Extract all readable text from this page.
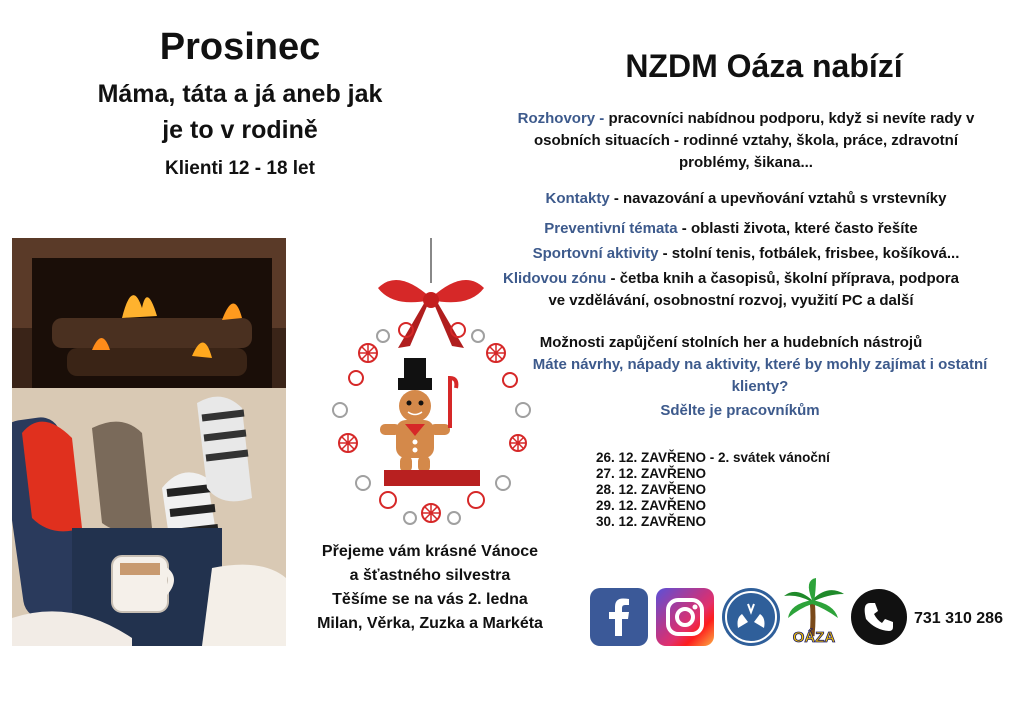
Prosinec
Máma, táta a já aneb jak
je to v rodině
Klienti 12 - 18 let
Přejeme vám krásné Vánoce
a šťastného silvestra
Těšíme se na vás 2. ledna
Milan, Věrka, Zuzka a Markéta
NZDM Oáza nabízí
Rozhovory - pracovníci nabídnou podporu, když si nevíte rady v osobních situacích - rodinné vztahy, škola, práce, zdravotní problémy, šikana...
Kontakty - navazování a upevňování vztahů s vrstevníky
Preventivní témata - oblasti života, které často řešíte
Sportovní aktivity - stolní tenis, fotbálek, frisbee, košíková...
Klidovou zónu - četba knih a časopisů, školní příprava, podpora ve vzdělávání, osobnostní rozvoj, využití PC a další
Možnosti zapůjčení stolních her a hudebních nástrojů
Máte návrhy, nápady na aktivity, které by mohly zajímat i ostatní klienty?
Sdělte je pracovníkům
26. 12. ZAVŘENO - 2. svátek vánoční
27. 12. ZAVŘENO
28. 12. ZAVŘENO
29. 12. ZAVŘENO
30. 12. ZAVŘENO
OÁZA
731 310 286
